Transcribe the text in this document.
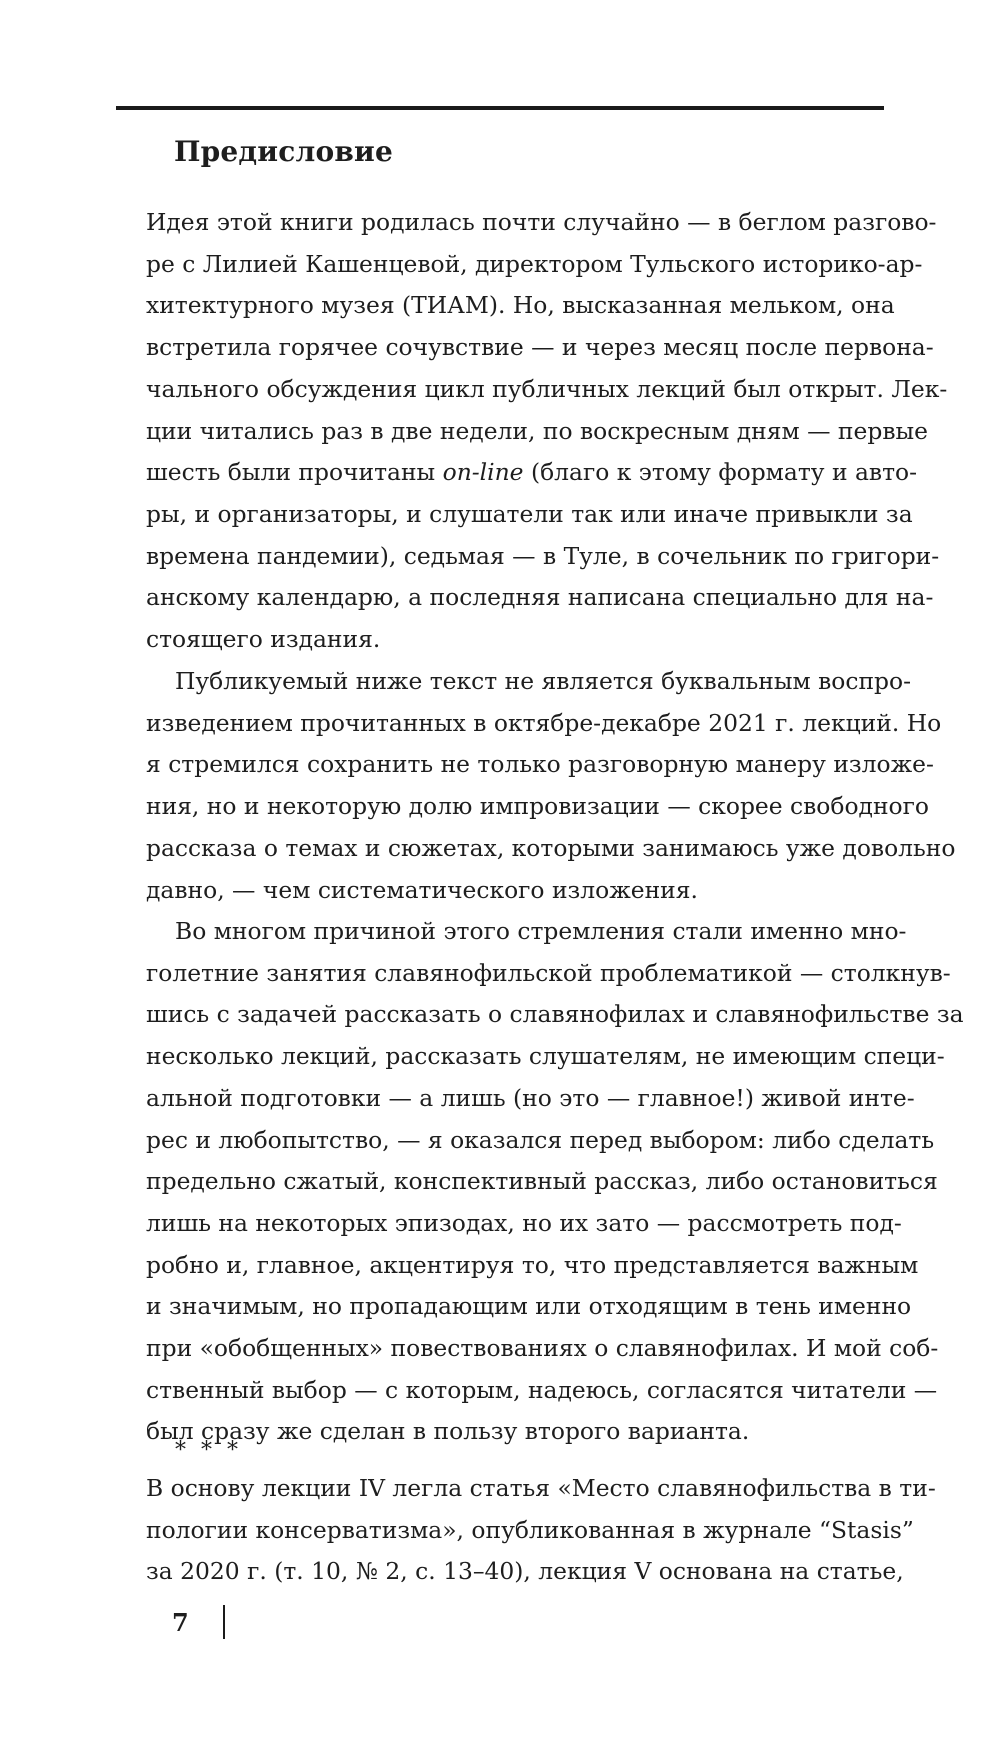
Предисловие
Идея этой книги родилась почти случайно — в беглом разгово-
ре с Лилией Кашенцевой, директором Тульского историко-ар-
хитектурного музея (ТИАМ). Но, высказанная мельком, она
встретила горячее сочувствие — и через месяц после первона-
чального обсуждения цикл публичных лекций был открыт. Лек-
ции читались раз в две недели, по воскресным дням — первые
шесть были прочитаны on-line (благо к этому формату и авто-
ры, и организаторы, и слушатели так или иначе привыкли за
времена пандемии), седьмая — в Туле, в сочельник по григори-
анскому календарю, а последняя написана специально для на-
стоящего издания.
Публикуемый ниже текст не является буквальным воспро-
изведением прочитанных в октябре-декабре 2021 г. лекций. Но
я стремился сохранить не только разговорную манеру изложе-
ния, но и некоторую долю импровизации — скорее свободного
рассказа о темах и сюжетах, которыми занимаюсь уже довольно
давно, — чем систематического изложения.
Во многом причиной этого стремления стали именно мно-
голетние занятия славянофильской проблематикой — столкнув-
шись с задачей рассказать о славянофилах и славянофильстве за
несколько лекций, рассказать слушателям, не имеющим специ-
альной подготовки — а лишь (но это — главное!) живой инте-
рес и любопытство, — я оказался перед выбором: либо сделать
предельно сжатый, конспективный рассказ, либо остановиться
лишь на некоторых эпизодах, но их зато — рассмотреть под-
робно и, главное, акцентируя то, что представляется важным
и значимым, но пропадающим или отходящим в тень именно
при «обобщенных» повествованиях о славянофилах. И мой соб-
ственный выбор — с которым, надеюсь, согласятся читатели —
был сразу же сделан в пользу второго варианта.
* * *
В основу лекции IV легла статья «Место славянофильства в ти-
пологии консерватизма», опубликованная в журнале “Stasis”
за 2020 г. (т. 10, № 2, с. 13–40), лекция V основана на статье,
7
